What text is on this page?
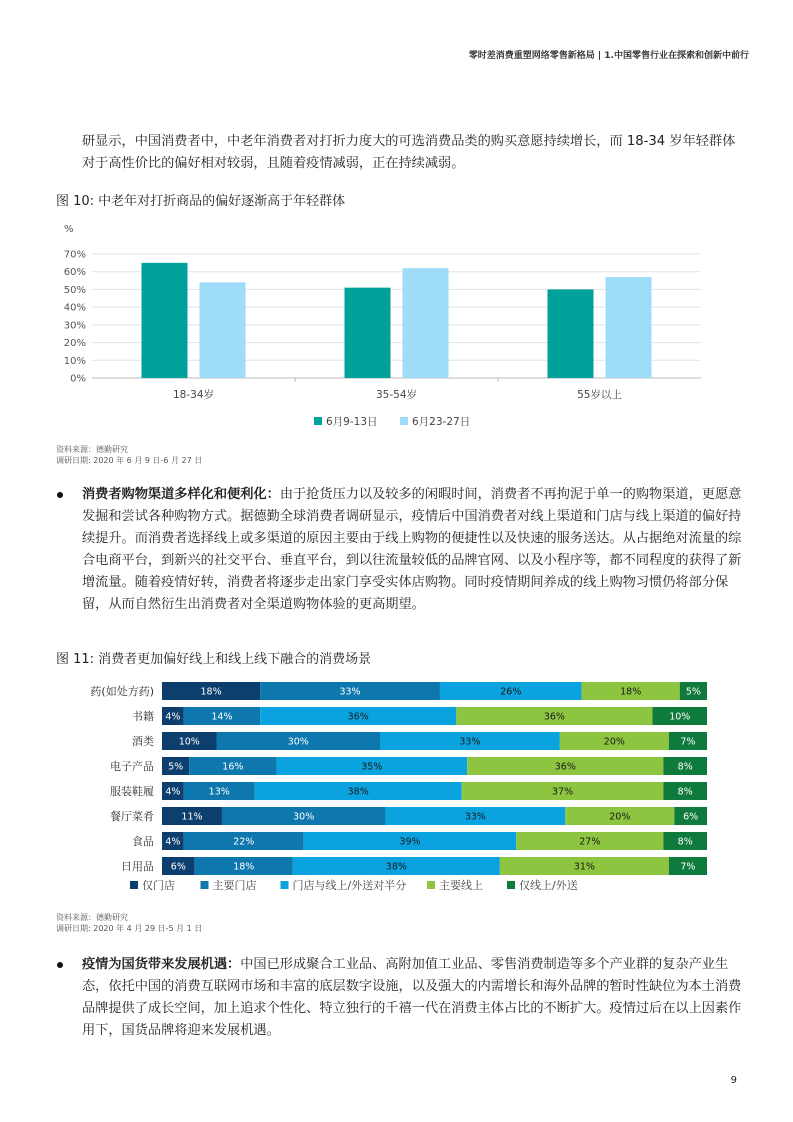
零时差消费重塑网络零售新格局 | 1.中国零售行业在探索和创新中前行
研显示，中国消费者中，中老年消费者对打折力度大的可选消费品类的购买意愿持续增长，而 18-34 岁年轻群体对于高性价比的偏好相对较弱，且随着疫情减弱，正在持续减弱。
图 10: 中老年对打折商品的偏好逐渐高于年轻群体
%
0%
10%
20%
30%
40%
50%
60%
70%
18-34岁	35-54岁	55岁以上
6月9-13日	6月23-27日
资料来源：德勤研究
调研日期: 2020 年 6 月 9 日-6 月 27 日
消费者购物渠道多样化和便利化：由于抢货压力以及较多的闲暇时间，消费者不再拘泥于单一的购物渠道，更愿意发掘和尝试各种购物方式。据德勤全球消费者调研显示，疫情后中国消费者对线上渠道和门店与线上渠道的偏好持续提升。而消费者选择线上或多渠道的原因主要由于线上购物的便捷性以及快速的服务送达。从占据绝对流量的综合电商平台，到新兴的社交平台、垂直平台，到以往流量较低的品牌官网、以及小程序等，都不同程度的获得了新增流量。随着疫情好转，消费者将逐步走出家门享受实体店购物。同时疫情期间养成的线上购物习惯仍将部分保留，从而自然衍生出消费者对全渠道购物体验的更高期望。
图 11: 消费者更加偏好线上和线上线下融合的消费场景
药(如处方药)	18%	33%	26%	18%	5%
书籍 4%	14%	36%	36%	10%
酒类	10%	30%	33%	20%	7%
电子产品 5%	16%	35%	36%	8%
服装鞋履 4%	13%	38%	37%	8%
餐厅菜肴	11%	30%	33%	20%	6%
食品 4%	22%	39%	27%	8%
日用品 6%	18%	38%	31%	7%
仅门店	主要门店	门店与线上/外送对半分	主要线上	仅线上/外送
资料来源：德勤研究
调研日期: 2020 年 4 月 29 日-5 月 1 日
疫情为国货带来发展机遇：中国已形成聚合工业品、高附加值工业品、零售消费制造等多个产业群的复杂产业生态，依托中国的消费互联网市场和丰富的底层数字设施，以及强大的内需增长和海外品牌的暂时性缺位为本土消费品牌提供了成长空间，加上追求个性化、特立独行的千禧一代在消费主体占比的不断扩大。疫情过后在以上因素作用下，国货品牌将迎来发展机遇。
9
